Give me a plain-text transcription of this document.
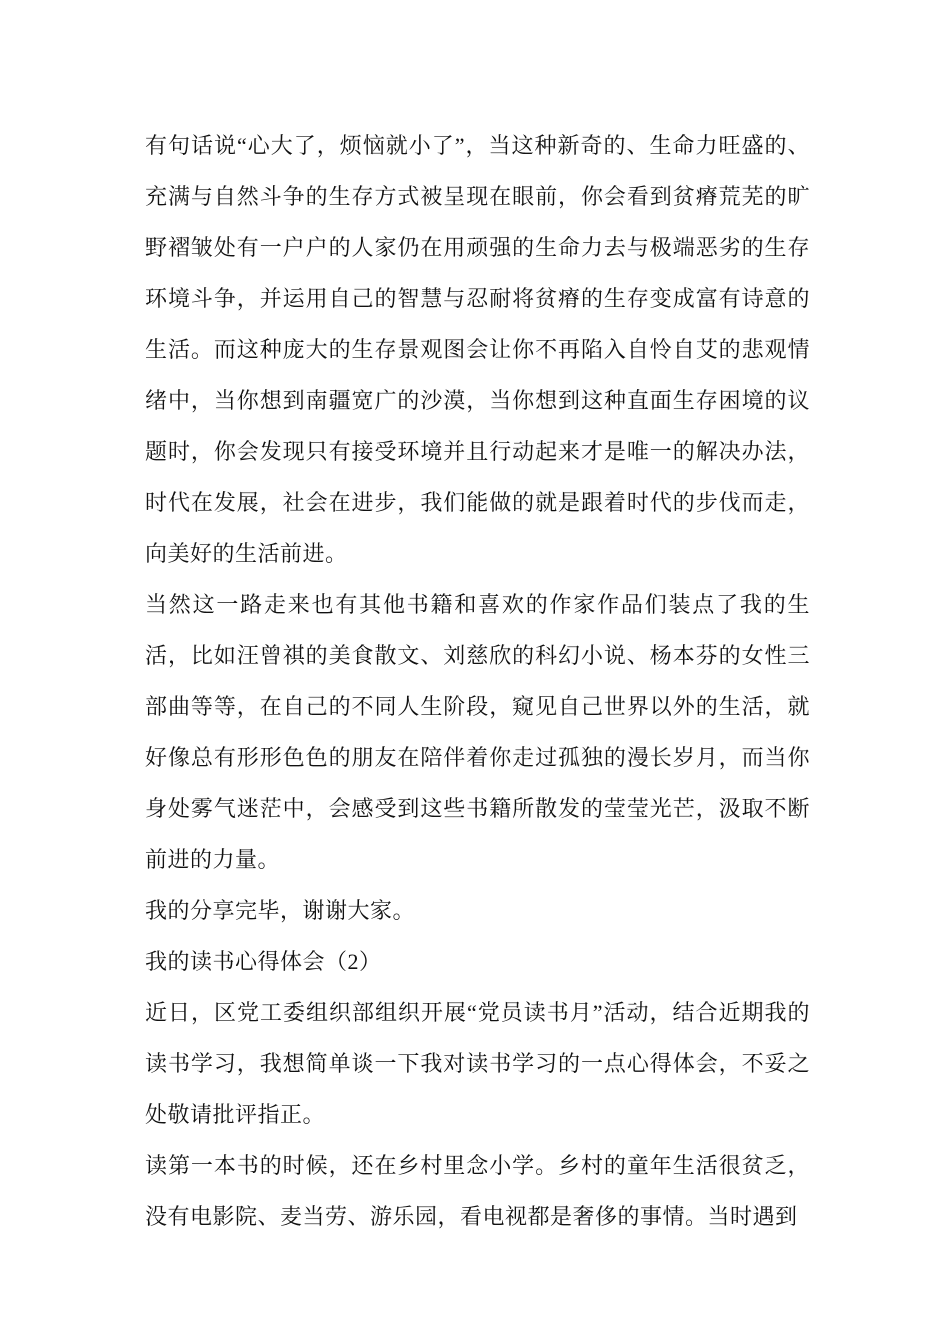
有句话说“心大了，烦恼就小了”，当这种新奇的、生命力旺盛的、充满与自然斗争的生存方式被呈现在眼前，你会看到贫瘠荒芜的旷野褶皱处有一户户的人家仍在用顽强的生命力去与极端恶劣的生存环境斗争，并运用自己的智慧与忍耐将贫瘠的生存变成富有诗意的生活。而这种庞大的生存景观图会让你不再陷入自怜自艾的悲观情绪中，当你想到南疆宽广的沙漠，当你想到这种直面生存困境的议题时，你会发现只有接受环境并且行动起来才是唯一的解决办法，时代在发展，社会在进步，我们能做的就是跟着时代的步伐而走，向美好的生活前进。

当然这一路走来也有其他书籍和喜欢的作家作品们装点了我的生活，比如汪曾祺的美食散文、刘慈欣的科幻小说、杨本芬的女性三部曲等等，在自己的不同人生阶段，窥见自己世界以外的生活，就好像总有形形色色的朋友在陪伴着你走过孤独的漫长岁月，而当你身处雾气迷茫中，会感受到这些书籍所散发的莹莹光芒，汲取不断前进的力量。

我的分享完毕，谢谢大家。

我的读书心得体会（2）

近日，区党工委组织部组织开展“党员读书月”活动，结合近期我的读书学习，我想简单谈一下我对读书学习的一点心得体会，不妥之处敬请批评指正。

读第一本书的时候，还在乡村里念小学。乡村的童年生活很贫乏，没有电影院、麦当劳、游乐园，看电视都是奢侈的事情。当时遇到
